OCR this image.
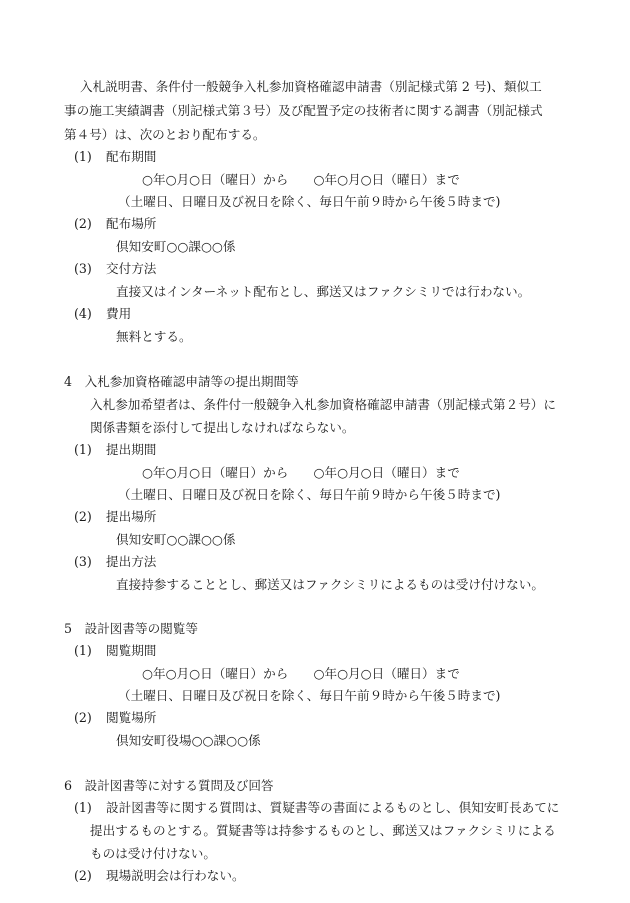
入札説明書、条件付一般競争入札参加資格確認申請書（別記様式第 2 号)、類似工
事の施工実績調書（別記様式第３号）及び配置予定の技術者に関する調書（別記様式
第４号）は、次のとおり配布する。
(1) 配布期間
○年○月○日（曜日）から　　○年○月○日（曜日）まで
（土曜日、日曜日及び祝日を除く、毎日午前９時から午後５時まで)
(2) 配布場所
倶知安町○○課○○係
(3) 交付方法
直接又はインターネット配布とし、郵送又はファクシミリでは行わない。
(4) 費用
無料とする。
4　入札参加資格確認申請等の提出期間等
入札参加希望者は、条件付一般競争入札参加資格確認申請書（別記様式第２号）に
関係書類を添付して提出しなければならない。
(1) 提出期間
○年○月○日（曜日）から　　○年○月○日（曜日）まで
（土曜日、日曜日及び祝日を除く、毎日午前９時から午後５時まで)
(2) 提出場所
倶知安町○○課○○係
(3) 提出方法
直接持参することとし、郵送又はファクシミリによるものは受け付けない。
5　設計図書等の閲覧等
(1) 閲覧期間
○年○月○日（曜日）から　　○年○月○日（曜日）まで
（土曜日、日曜日及び祝日を除く、毎日午前９時から午後５時まで)
(2) 閲覧場所
倶知安町役場○○課○○係
6　設計図書等に対する質問及び回答
(1) 設計図書等に関する質問は、質疑書等の書面によるものとし、倶知安町長あてに
提出するものとする。質疑書等は持参するものとし、郵送又はファクシミリによる
ものは受け付けない。
(2) 現場説明会は行わない。
